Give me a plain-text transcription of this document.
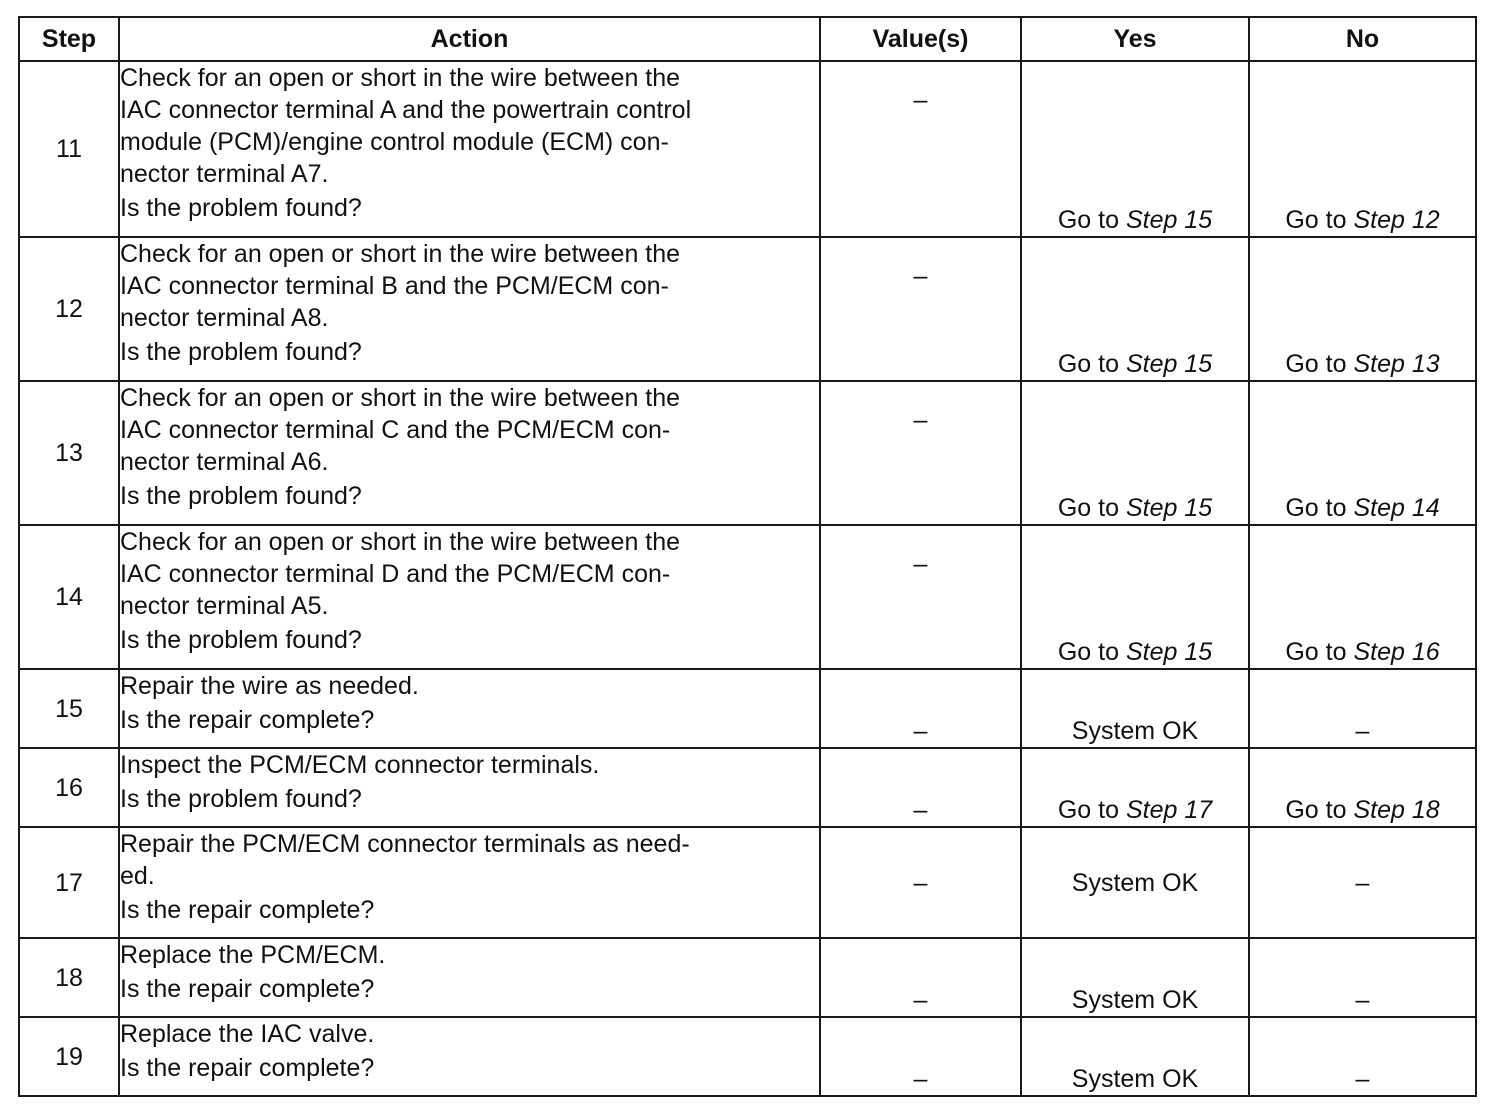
Step	Action	Value(s)	Yes	No
11	Check for an open or short in the wire between the
IAC connector terminal A and the powertrain control
module (PCM)/engine control module (ECM) con-
nector terminal A7.
Is the problem found?	–	Go to Step 15	Go to Step 12
12	Check for an open or short in the wire between the
IAC connector terminal B and the PCM/ECM con-
nector terminal A8.
Is the problem found?	–	Go to Step 15	Go to Step 13
13	Check for an open or short in the wire between the
IAC connector terminal C and the PCM/ECM con-
nector terminal A6.
Is the problem found?	–	Go to Step 15	Go to Step 14
14	Check for an open or short in the wire between the
IAC connector terminal D and the PCM/ECM con-
nector terminal A5.
Is the problem found?	–	Go to Step 15	Go to Step 16
15	Repair the wire as needed.
Is the repair complete?	–	System OK	–
16	Inspect the PCM/ECM connector terminals.
Is the problem found?	–	Go to Step 17	Go to Step 18
17	Repair the PCM/ECM connector terminals as need-
ed.
Is the repair complete?	–	System OK	–
18	Replace the PCM/ECM.
Is the repair complete?	–	System OK	–
19	Replace the IAC valve.
Is the repair complete?	–	System OK	–
